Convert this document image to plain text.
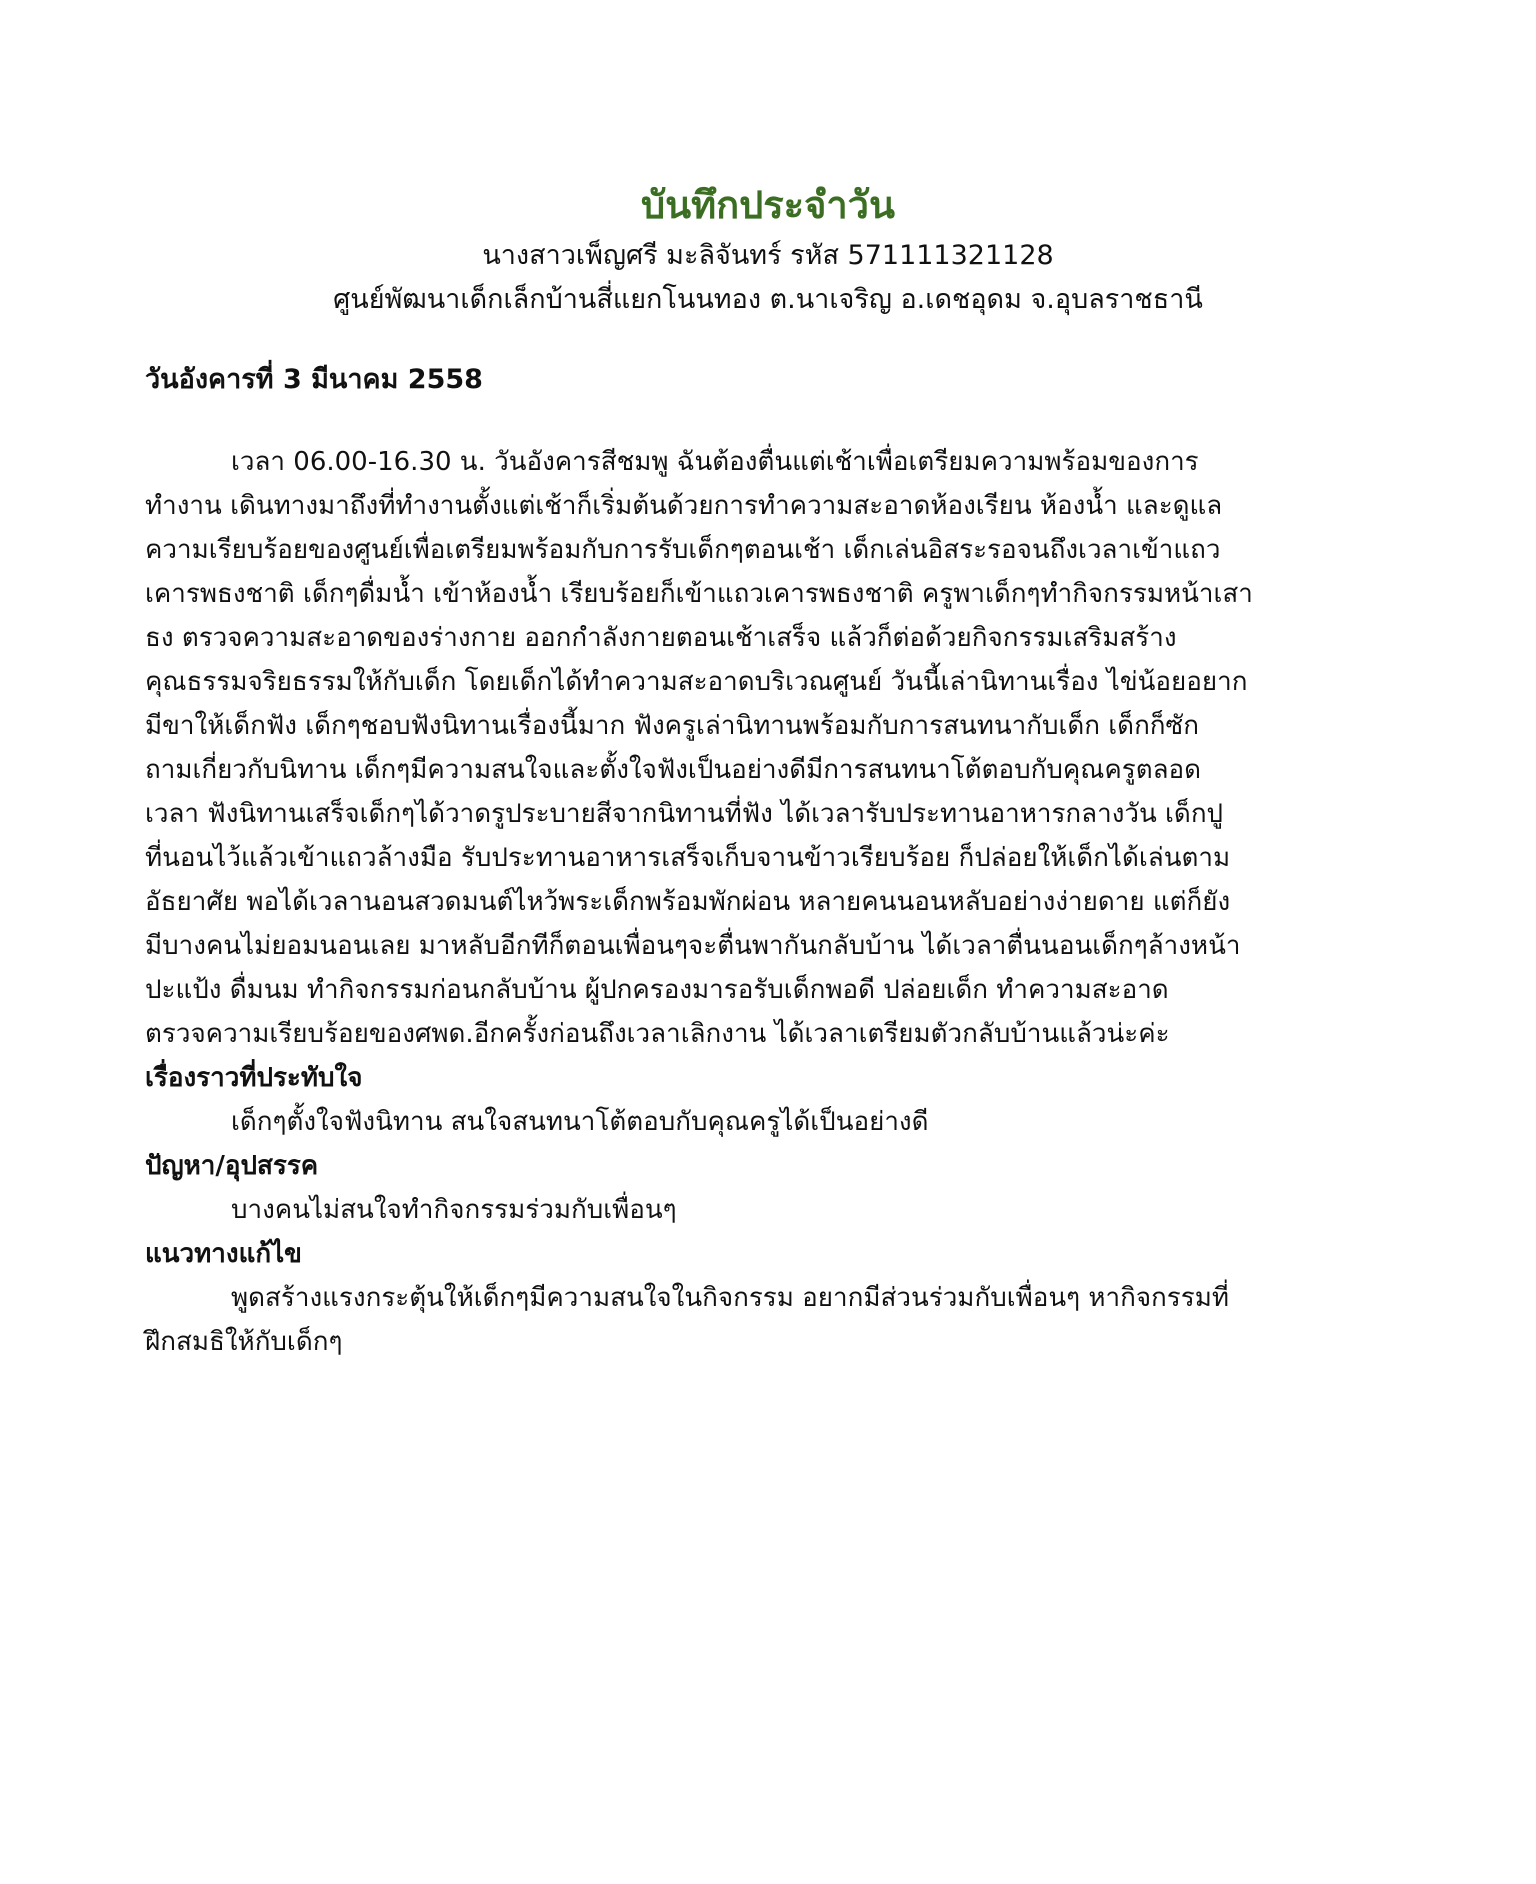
บันทึกประจำวัน
นางสาวเพ็ญศรี มะลิจันทร์ รหัส 571111321128
ศูนย์พัฒนาเด็กเล็กบ้านสี่แยกโนนทอง ต.นาเจริญ อ.เดชอุดม จ.อุบลราชธานี
วันอังคารที่ 3 มีนาคม 2558
เวลา 06.00-16.30 น. วันอังคารสีชมพู ฉันต้องตื่นแต่เช้าเพื่อเตรียมความพร้อมของการ
ทำงาน เดินทางมาถึงที่ทำงานตั้งแต่เช้าก็เริ่มต้นด้วยการทำความสะอาดห้องเรียน ห้องน้ำ และดูแล
ความเรียบร้อยของศูนย์เพื่อเตรียมพร้อมกับการรับเด็กๆตอนเช้า เด็กเล่นอิสระรอจนถึงเวลาเข้าแถว
เคารพธงชาติ เด็กๆดื่มน้ำ เข้าห้องน้ำ เรียบร้อยก็เข้าแถวเคารพธงชาติ ครูพาเด็กๆทำกิจกรรมหน้าเสา
ธง ตรวจความสะอาดของร่างกาย ออกกำลังกายตอนเช้าเสร็จ แล้วก็ต่อด้วยกิจกรรมเสริมสร้าง
คุณธรรมจริยธรรมให้กับเด็ก โดยเด็กได้ทำความสะอาดบริเวณศูนย์ วันนี้เล่านิทานเรื่อง ไข่น้อยอยาก
มีขาให้เด็กฟัง เด็กๆชอบฟังนิทานเรื่องนี้มาก ฟังครูเล่านิทานพร้อมกับการสนทนากับเด็ก เด็กก็ซัก
ถามเกี่ยวกับนิทาน เด็กๆมีความสนใจและตั้งใจฟังเป็นอย่างดีมีการสนทนาโต้ตอบกับคุณครูตลอด
เวลา ฟังนิทานเสร็จเด็กๆได้วาดรูประบายสีจากนิทานที่ฟัง ได้เวลารับประทานอาหารกลางวัน เด็กปู
ที่นอนไว้แล้วเข้าแถวล้างมือ รับประทานอาหารเสร็จเก็บจานข้าวเรียบร้อย ก็ปล่อยให้เด็กได้เล่นตาม
อัธยาศัย พอได้เวลานอนสวดมนต์ไหว้พระเด็กพร้อมพักผ่อน หลายคนนอนหลับอย่างง่ายดาย แต่ก็ยัง
มีบางคนไม่ยอมนอนเลย มาหลับอีกทีก็ตอนเพื่อนๆจะตื่นพากันกลับบ้าน ได้เวลาตื่นนอนเด็กๆล้างหน้า
ปะแป้ง ดื่มนม ทำกิจกรรมก่อนกลับบ้าน ผู้ปกครองมารอรับเด็กพอดี ปล่อยเด็ก ทำความสะอาด
ตรวจความเรียบร้อยของศพด.อีกครั้งก่อนถึงเวลาเลิกงาน ได้เวลาเตรียมตัวกลับบ้านแล้วน่ะค่ะ
เรื่องราวที่ประทับใจ
เด็กๆตั้งใจฟังนิทาน สนใจสนทนาโต้ตอบกับคุณครูได้เป็นอย่างดี
ปัญหา/อุปสรรค
บางคนไม่สนใจทำกิจกรรมร่วมกับเพื่อนๆ
แนวทางแก้ไข
พูดสร้างแรงกระตุ้นให้เด็กๆมีความสนใจในกิจกรรม อยากมีส่วนร่วมกับเพื่อนๆ หากิจกรรมที่
ฝึกสมธิให้กับเด็กๆ
